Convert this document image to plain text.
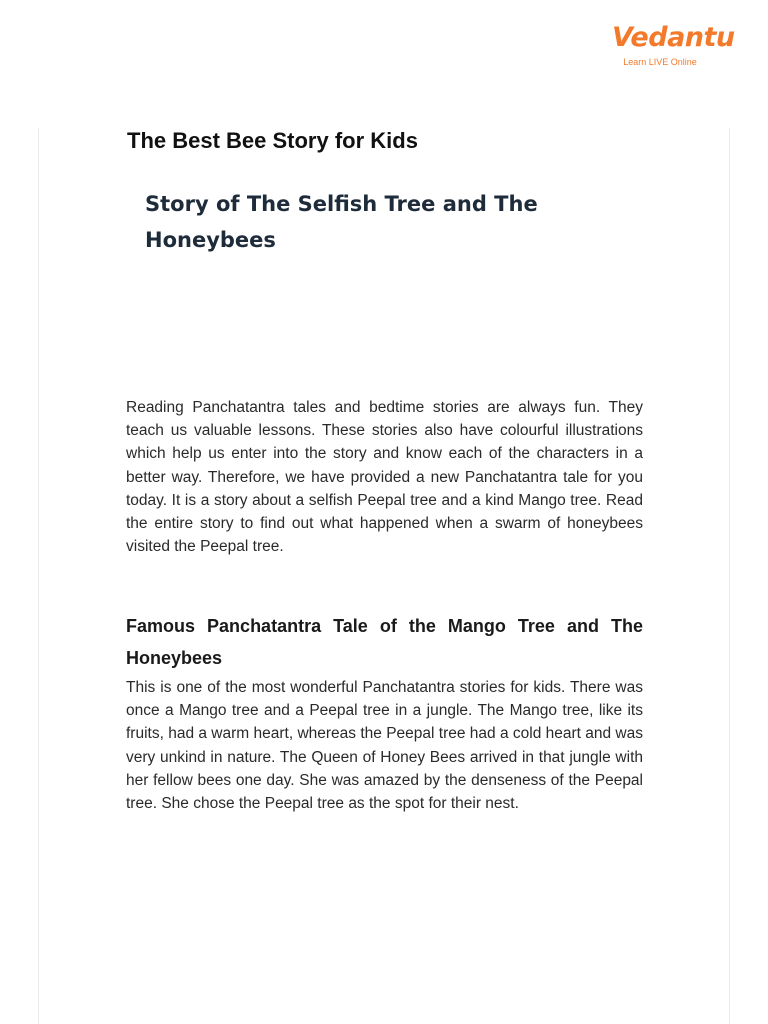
Vedantu
Learn LIVE Online
The Best Bee Story for Kids
Story of The Selfish Tree and The Honeybees

Reading Panchatantra tales and bedtime stories are always fun. They teach us valuable lessons. These stories also have colourful illustrations which help us enter into the story and know each of the characters in a better way. Therefore, we have provided a new Panchatantra tale for you today. It is a story about a selfish Peepal tree and a kind Mango tree. Read the entire story to find out what happened when a swarm of honeybees visited the Peepal tree.

Famous Panchatantra Tale of the Mango Tree and The Honeybees

This is one of the most wonderful Panchatantra stories for kids. There was once a Mango tree and a Peepal tree in a jungle. The Mango tree, like its fruits, had a warm heart, whereas the Peepal tree had a cold heart and was very unkind in nature. The Queen of Honey Bees arrived in that jungle with her fellow bees one day. She was amazed by the denseness of the Peepal tree. She chose the Peepal tree as the spot for their nest.
